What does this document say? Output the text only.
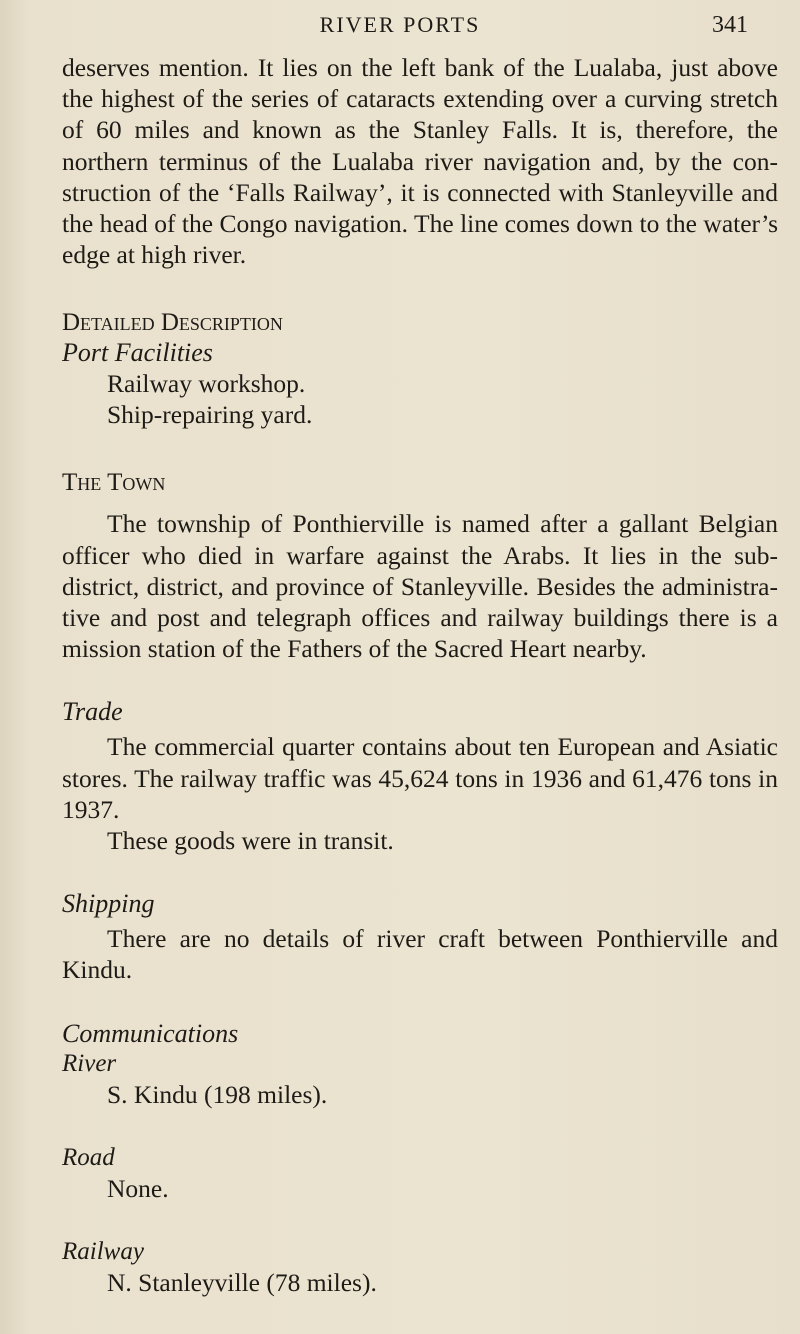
RIVER PORTS	341

deserves mention. It lies on the left bank of the Lualaba, just above the highest of the series of cataracts extending over a curving stretch of 60 miles and known as the Stanley Falls. It is, therefore, the northern terminus of the Lualaba river navigation and, by the con- struction of the ‘Falls Railway’, it is connected with Stanleyville and the head of the Congo navigation. The line comes down to the water’s edge at high river.

Detailed Description

Port Facilities

Railway workshop.

Ship-repairing yard.

The Town

The township of Ponthierville is named after a gallant Belgian officer who died in warfare against the Arabs. It lies in the sub- district, district, and province of Stanleyville. Besides the administra- tive and post and telegraph offices and railway buildings there is a mission station of the Fathers of the Sacred Heart nearby.

Trade

The commercial quarter contains about ten European and Asiatic stores. The railway traffic was 45,624 tons in 1936 and 61,476 tons in 1937.

These goods were in transit.

Shipping

There are no details of river craft between Ponthierville and Kindu.

Communications

River

S. Kindu (198 miles).

Road

None.

Railway

N. Stanleyville (78 miles).
